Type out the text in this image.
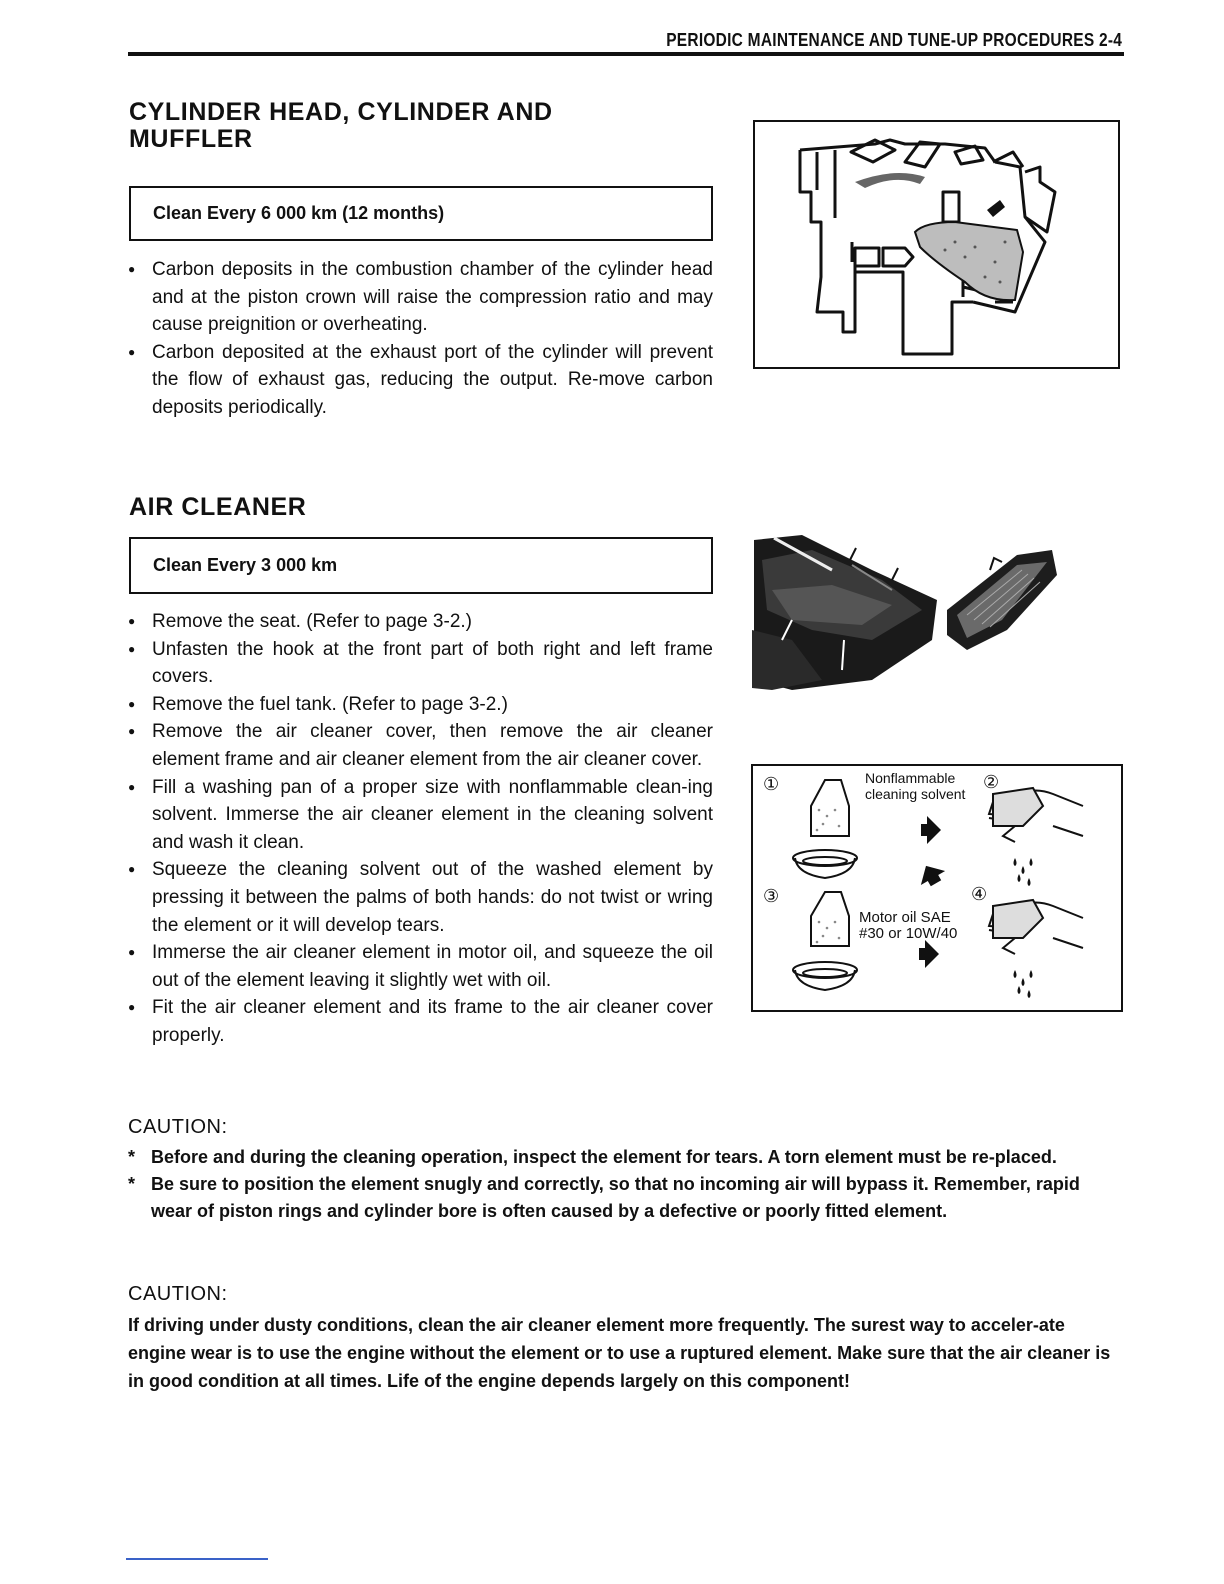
PERIODIC MAINTENANCE AND TUNE-UP PROCEDURES 2-4
CYLINDER HEAD, CYLINDER AND
MUFFLER
Clean Every 6 000 km (12 months)
● Carbon deposits in the combustion chamber of the cylinder head and at the piston crown will raise the compression ratio and may cause preignition or overheating.
● Carbon deposited at the exhaust port of the cylinder will prevent the flow of exhaust gas, reducing the output. Re-move carbon deposits periodically.
AIR CLEANER
Clean Every 3 000 km
● Remove the seat. (Refer to page 3-2.)
● Unfasten the hook at the front part of both right and left frame covers.
● Remove the fuel tank. (Refer to page 3-2.)
● Remove the air cleaner cover, then remove the air cleaner element frame and air cleaner element from the air cleaner cover.
● Fill a washing pan of a proper size with nonflammable clean-ing solvent. Immerse the air cleaner element in the cleaning solvent and wash it clean.
● Squeeze the cleaning solvent out of the washed element by pressing it between the palms of both hands: do not twist or wring the element or it will develop tears.
● Immerse the air cleaner element in motor oil, and squeeze the oil out of the element leaving it slightly wet with oil.
● Fit the air cleaner element and its frame to the air cleaner cover properly.
①	②
③	④
Nonflammable
cleaning solvent
Motor oil SAE
#30 or 10W/40
CAUTION:
* Before and during the cleaning operation, inspect the element for tears. A torn element must be re-placed.
* Be sure to position the element snugly and correctly, so that no incoming air will bypass it. Remember, rapid wear of piston rings and cylinder bore is often caused by a defective or poorly fitted element.
CAUTION:

If driving under dusty conditions, clean the air cleaner element more frequently. The surest way to acceler-ate engine wear is to use the engine without the element or to use a ruptured element. Make sure that the air cleaner is in good condition at all times. Life of the engine depends largely on this component!
